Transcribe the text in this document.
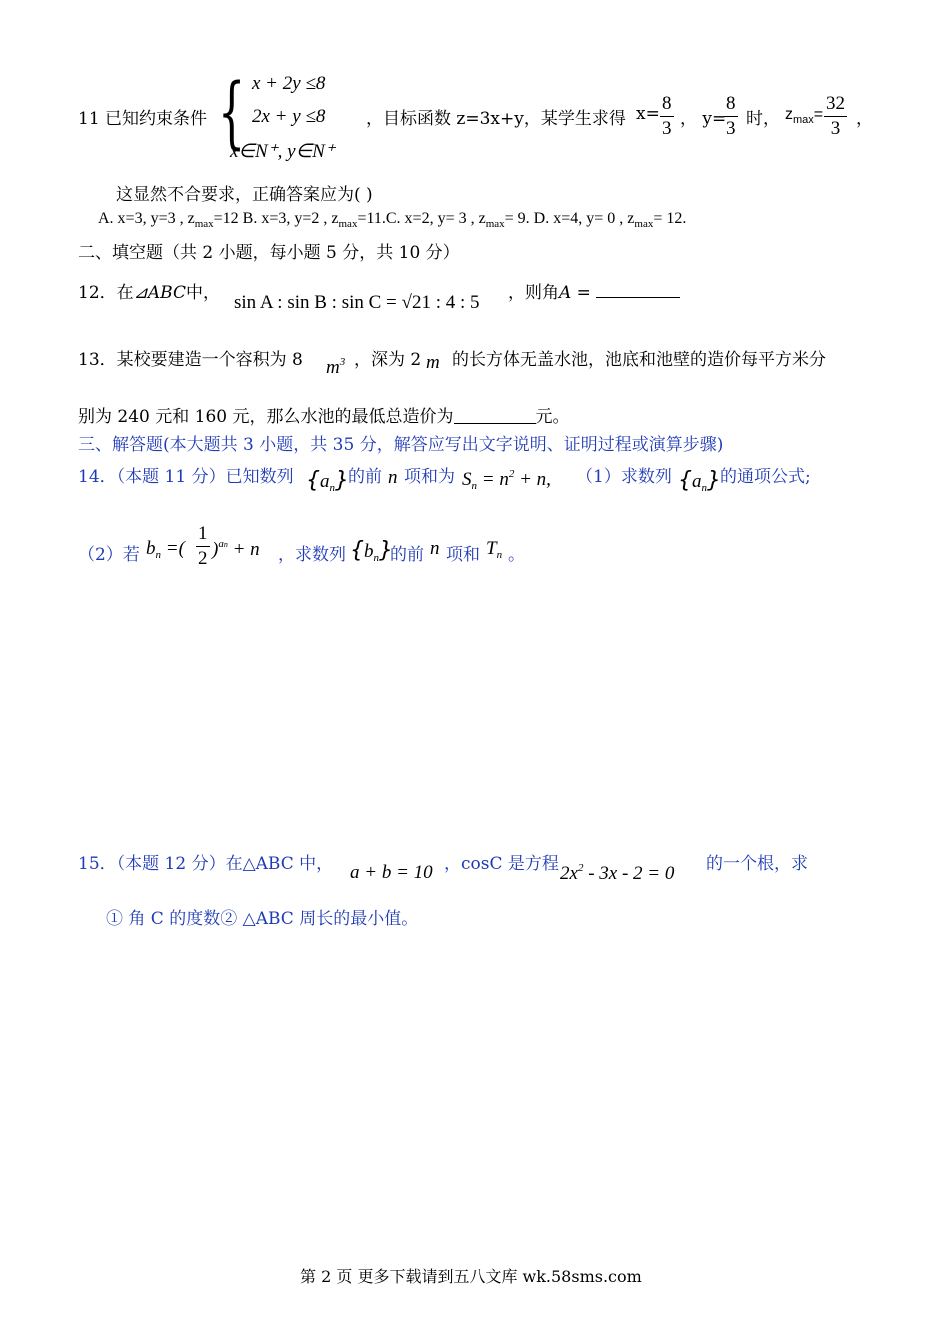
11 已知约束条件 { x + 2y ≤8
2x + y ≤8
x∈N⁺, y∈N⁺
，目标函数 z=3x+y，某学生求得 $x= \frac{8}{3}$ ， y=
$\frac{8}{3}$ 时， $z_{max}= \frac{32}{3}$ ，
这显然不合要求，正确答案应为( )
A. x=3, y=3 , $z_{max}=12$ B. x=3, y=2 , $z_{max}=11.C$. x=2, y= 3 , $z_{max}= 9$. D. x=4, y= 0 , $z_{max}= 12$.
二、填空题（共 2 小题，每小题 5 分，共 10 分）
12．在⊿ABC中， sin A : sin B : sin C = √21 : 4 : 5 ，则角A =
13．某校要建造一个容积为 8 $m^3$ ，深为 2 m 的长方体无盖水池，池底和池壁的造价每平方米分
别为 240 元和 160 元，那么水池的最低总造价为	元。
三、解答题(本大题共 3 小题，共 35 分，解答应写出文字说明、证明过程或演算步骤)
14．（本题 11 分）已知数列 $\{a_n\}$ 的前 n 项和为 $S_n = n^2 + n$, （1）求数列 $\{a_n\}$ 的通项公式;
（2）若 $b_n$ =( $\frac{1}{2} )^{an} + n$ ，求数列 $\{b_n\}$
的前 n 项和 $T_n$ 。
15．（本题 12 分）在△ABC 中， a + b = 10 ，cosC 是方程 $2x^2 - 3x - 2 = 0$ 的一个根，求
① 角 C 的度数② △ABC 周长的最小值。
第 2 页 更多下载请到五八文库 wk.58sms.com
